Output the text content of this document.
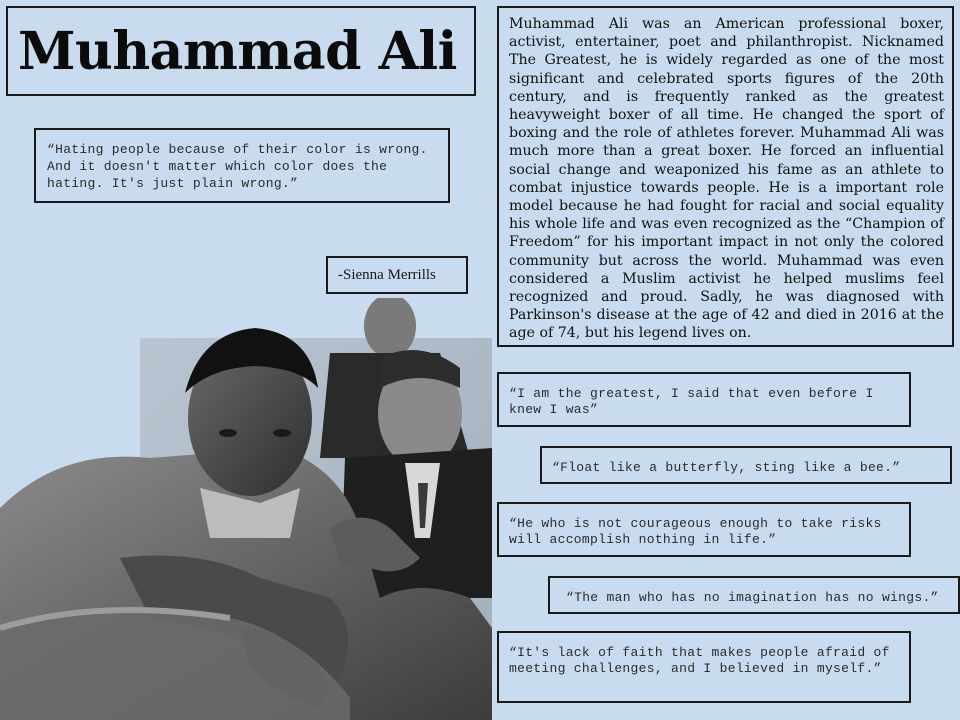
Muhammad Ali
“Hating people because of their color is wrong. And it doesn't matter which color does the hating. It's just plain wrong.”
-Sienna Merrills
Muhammad Ali was an American professional boxer, activist, entertainer, poet and philanthropist. Nicknamed The Greatest, he is widely regarded as one of the most significant and celebrated sports figures of the 20th century, and is frequently ranked as the greatest heavyweight boxer of all time. He changed the sport of boxing and the role of athletes forever. Muhammad Ali was much more than a great boxer. He forced an influential social change and weaponized his fame as an athlete to combat injustice towards people. He is a important role model because he had fought for racial and social equality his whole life and was even recognized as the “Champion of Freedom” for his important impact in not only the colored community but across the world. Muhammad was even considered a Muslim activist he helped muslims feel recognized and proud. Sadly, he was diagnosed with Parkinson's disease at the age of 42 and died in 2016 at the age of 74, but his legend lives on.
“I am the greatest, I said that even before I knew I was”
“Float like a butterfly, sting like a bee.”
“He who is not courageous enough to take risks will accomplish nothing in life.”
“The man who has no imagination has no wings.”
“It's lack of faith that makes people afraid of meeting challenges, and I believed in myself.”
